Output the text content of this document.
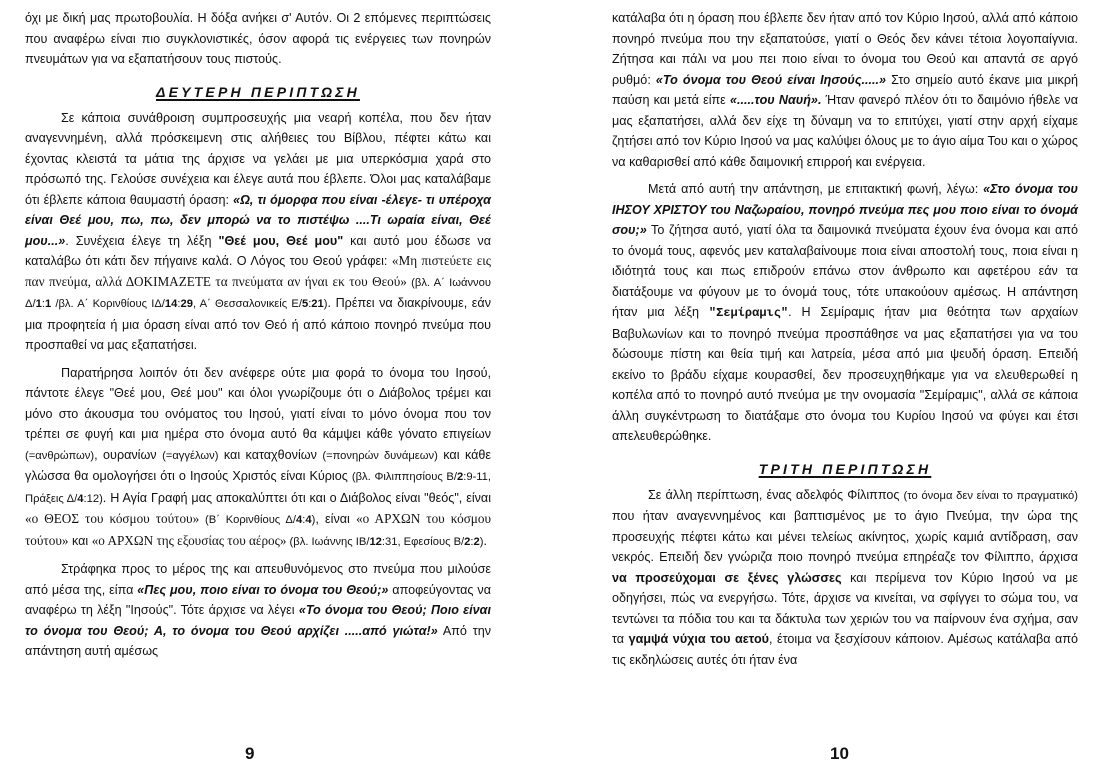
όχι με δική μας πρωτοβουλία. Η δόξα ανήκει σ' Αυτόν. Οι 2 επόμενες περιπτώσεις που αναφέρω είναι πιο συγκλονιστικές, όσον αφορά τις ενέργειες των πονηρών πνευμάτων για να εξαπατήσουν τους πιστούς.

ΔΕΥΤΕΡΗ ΠΕΡΙΠΤΩΣΗ

Σε κάποια συνάθροιση συμπροσευχής μια νεαρή κοπέλα, που δεν ήταν αναγεννημένη, αλλά πρόσκειμενη στις αλήθειες του Βίβλου, πέφτει κάτω και έχοντας κλειστά τα μάτια της άρχισε να γελάει με μια υπερκόσμια χαρά στο πρόσωπό της. Γελούσε συνέχεια και έλεγε αυτά που έβλεπε. Όλοι μας καταλάβαμε ότι έβλεπε κάποια θαυμαστή όραση: «Ω, τι όμορφα που είναι -έλεγε- τι υπέροχα είναι Θεέ μου, πω, πω, δεν μπορώ να το πιστέψω ....Τι ωραία είναι, Θεέ μου...». Συνέχεια έλεγε τη λέξη "Θεέ μου, Θεέ μου" και αυτό μου έδωσε να καταλάβω ότι κάτι δεν πήγαινε καλά. Ο Λόγος του Θεού γράφει: «Μη πιστεύετε εις παν πνεύμα, αλλά ΔΟΚΙΜΑΖΕΤΕ τα πνεύματα αν ήναι εκ του Θεού» (βλ. Α΄ Ιωάννου Δ/1:1 /βλ. Α΄ Κορινθίους ΙΔ/14:29, Α΄ Θεσσαλονικείς Ε/5:21). Πρέπει να διακρίνουμε, εάν μια προφητεία ή μια όραση είναι από τον Θεό ή από κάποιο πονηρό πνεύμα που προσπαθεί να μας εξαπατήσει.

Παρατήρησα λοιπόν ότι δεν ανέφερε ούτε μια φορά το όνομα του Ιησού, πάντοτε έλεγε "Θεέ μου, Θεέ μου" και όλοι γνωρίζουμε ότι ο Διάβολος τρέμει και μόνο στο άκουσμα του ονόματος του Ιησού, γιατί είναι το μόνο όνομα που τον τρέπει σε φυγή και μια ημέρα στο όνομα αυτό θα κάμψει κάθε γόνατο επιγείων (=ανθρώπων), ουρανίων (=αγγέλων) και καταχθονίων (=πονηρών δυνάμεων) και κάθε γλώσσα θα ομολογήσει ότι ο Ιησούς Χριστός είναι Κύριος (βλ. Φιλιππησίους Β/2:9-11, Πράξεις Δ/4:12). Η Αγία Γραφή μας αποκαλύπτει ότι και ο Διάβολος είναι "θεός", είναι «ο ΘΕΟΣ του κόσμου τούτου» (Β΄ Κορινθίους Δ/4:4), είναι «ο ΑΡΧΩΝ του κόσμου τούτου» και «ο ΑΡΧΩΝ της εξουσίας του αέρος» (βλ. Ιωάννης ΙΒ/12:31, Εφεσίους Β/2:2).

Στράφηκα προς το μέρος της και απευθυνόμενος στο πνεύμα που μιλούσε από μέσα της, είπα «Πες μου, ποιο είναι το όνομα του Θεού;» αποφεύγοντας να αναφέρω τη λέξη "Ιησούς". Τότε άρχισε να λέγει «Το όνομα του Θεού; Ποιο είναι το όνομα του Θεού; Α, το όνομα του Θεού αρχίζει .....από γιώτα!» Από την απάντηση αυτή αμέσως

9

κατάλαβα ότι η όραση που έβλεπε δεν ήταν από τον Κύριο Ιησού, αλλά από κάποιο πονηρό πνεύμα που την εξαπατούσε, γιατί ο Θεός δεν κάνει τέτοια λογοπαίγνια. Ζήτησα και πάλι να μου πει ποιο είναι το όνομα του Θεού και απαντά σε αργό ρυθμό: «Το όνομα του Θεού είναι Ιησούς.....» Στο σημείο αυτό έκανε μια μικρή παύση και μετά είπε «.....του Ναυή». Ήταν φανερό πλέον ότι το δαιμόνιο ήθελε να μας εξαπατήσει, αλλά δεν είχε τη δύναμη να το επιτύχει, γιατί στην αρχή είχαμε ζητήσει από τον Κύριο Ιησού να μας καλύψει όλους με το άγιο αίμα Του και ο χώρος να καθαρισθεί από κάθε δαιμονική επιρροή και ενέργεια.

Μετά από αυτή την απάντηση, με επιτακτική φωνή, λέγω: «Στο όνομα του ΙΗΣΟΥ ΧΡΙΣΤΟΥ του Ναζωραίου, πονηρό πνεύμα πες μου ποιο είναι το όνομά σου;» Το ζήτησα αυτό, γιατί όλα τα δαιμονικά πνεύματα έχουν ένα όνομα και από το όνομά τους, αφενός μεν καταλαβαίνουμε ποια είναι αποστολή τους, ποια είναι η ιδιότητά τους και πως επιδρούν επάνω στον άνθρωπο και αφετέρου εάν τα διατάξουμε να φύγουν με το όνομά τους, τότε υπακούουν αμέσως. Η απάντηση ήταν μια λέξη "Σεμίραμις". Η Σεμίραμις ήταν μια θεότητα των αρχαίων Βαβυλωνίων και το πονηρό πνεύμα προσπάθησε να μας εξαπατήσει για να του δώσουμε πίστη και θεία τιμή και λατρεία, μέσα από μια ψευδή όραση. Επειδή εκείνο το βράδυ είχαμε κουρασθεί, δεν προσευχηθήκαμε για να ελευθερωθεί η κοπέλα από το πονηρό αυτό πνεύμα με την ονομασία "Σεμίραμις", αλλά σε κάποια άλλη συγκέντρωση το διατάξαμε στο όνομα του Κυρίου Ιησού να φύγει και έτσι απελευθερώθηκε.

ΤΡΙΤΗ ΠΕΡΙΠΤΩΣΗ

Σε άλλη περίπτωση, ένας αδελφός Φίλιππος (το όνομα δεν είναι το πραγματικό) που ήταν αναγεννημένος και βαπτισμένος με το άγιο Πνεύμα, την ώρα της προσευχής πέφτει κάτω και μένει τελείως ακίνητος, χωρίς καμιά αντίδραση, σαν νεκρός. Επειδή δεν γνώριζα ποιο πονηρό πνεύμα επηρέαζε τον Φίλιππο, άρχισα να προσεύχομαι σε ξένες γλώσσες και περίμενα τον Κύριο Ιησού να με οδηγήσει, πώς να ενεργήσω. Τότε, άρχισε να κινείται, να σφίγγει το σώμα του, να τεντώνει τα πόδια του και τα δάκτυλα των χεριών του να παίρνουν ένα σχήμα, σαν τα γαμψά νύχια του αετού, έτοιμα να ξεσχίσουν κάποιον. Αμέσως κατάλαβα από τις εκδηλώσεις αυτές ότι ήταν ένα

10
